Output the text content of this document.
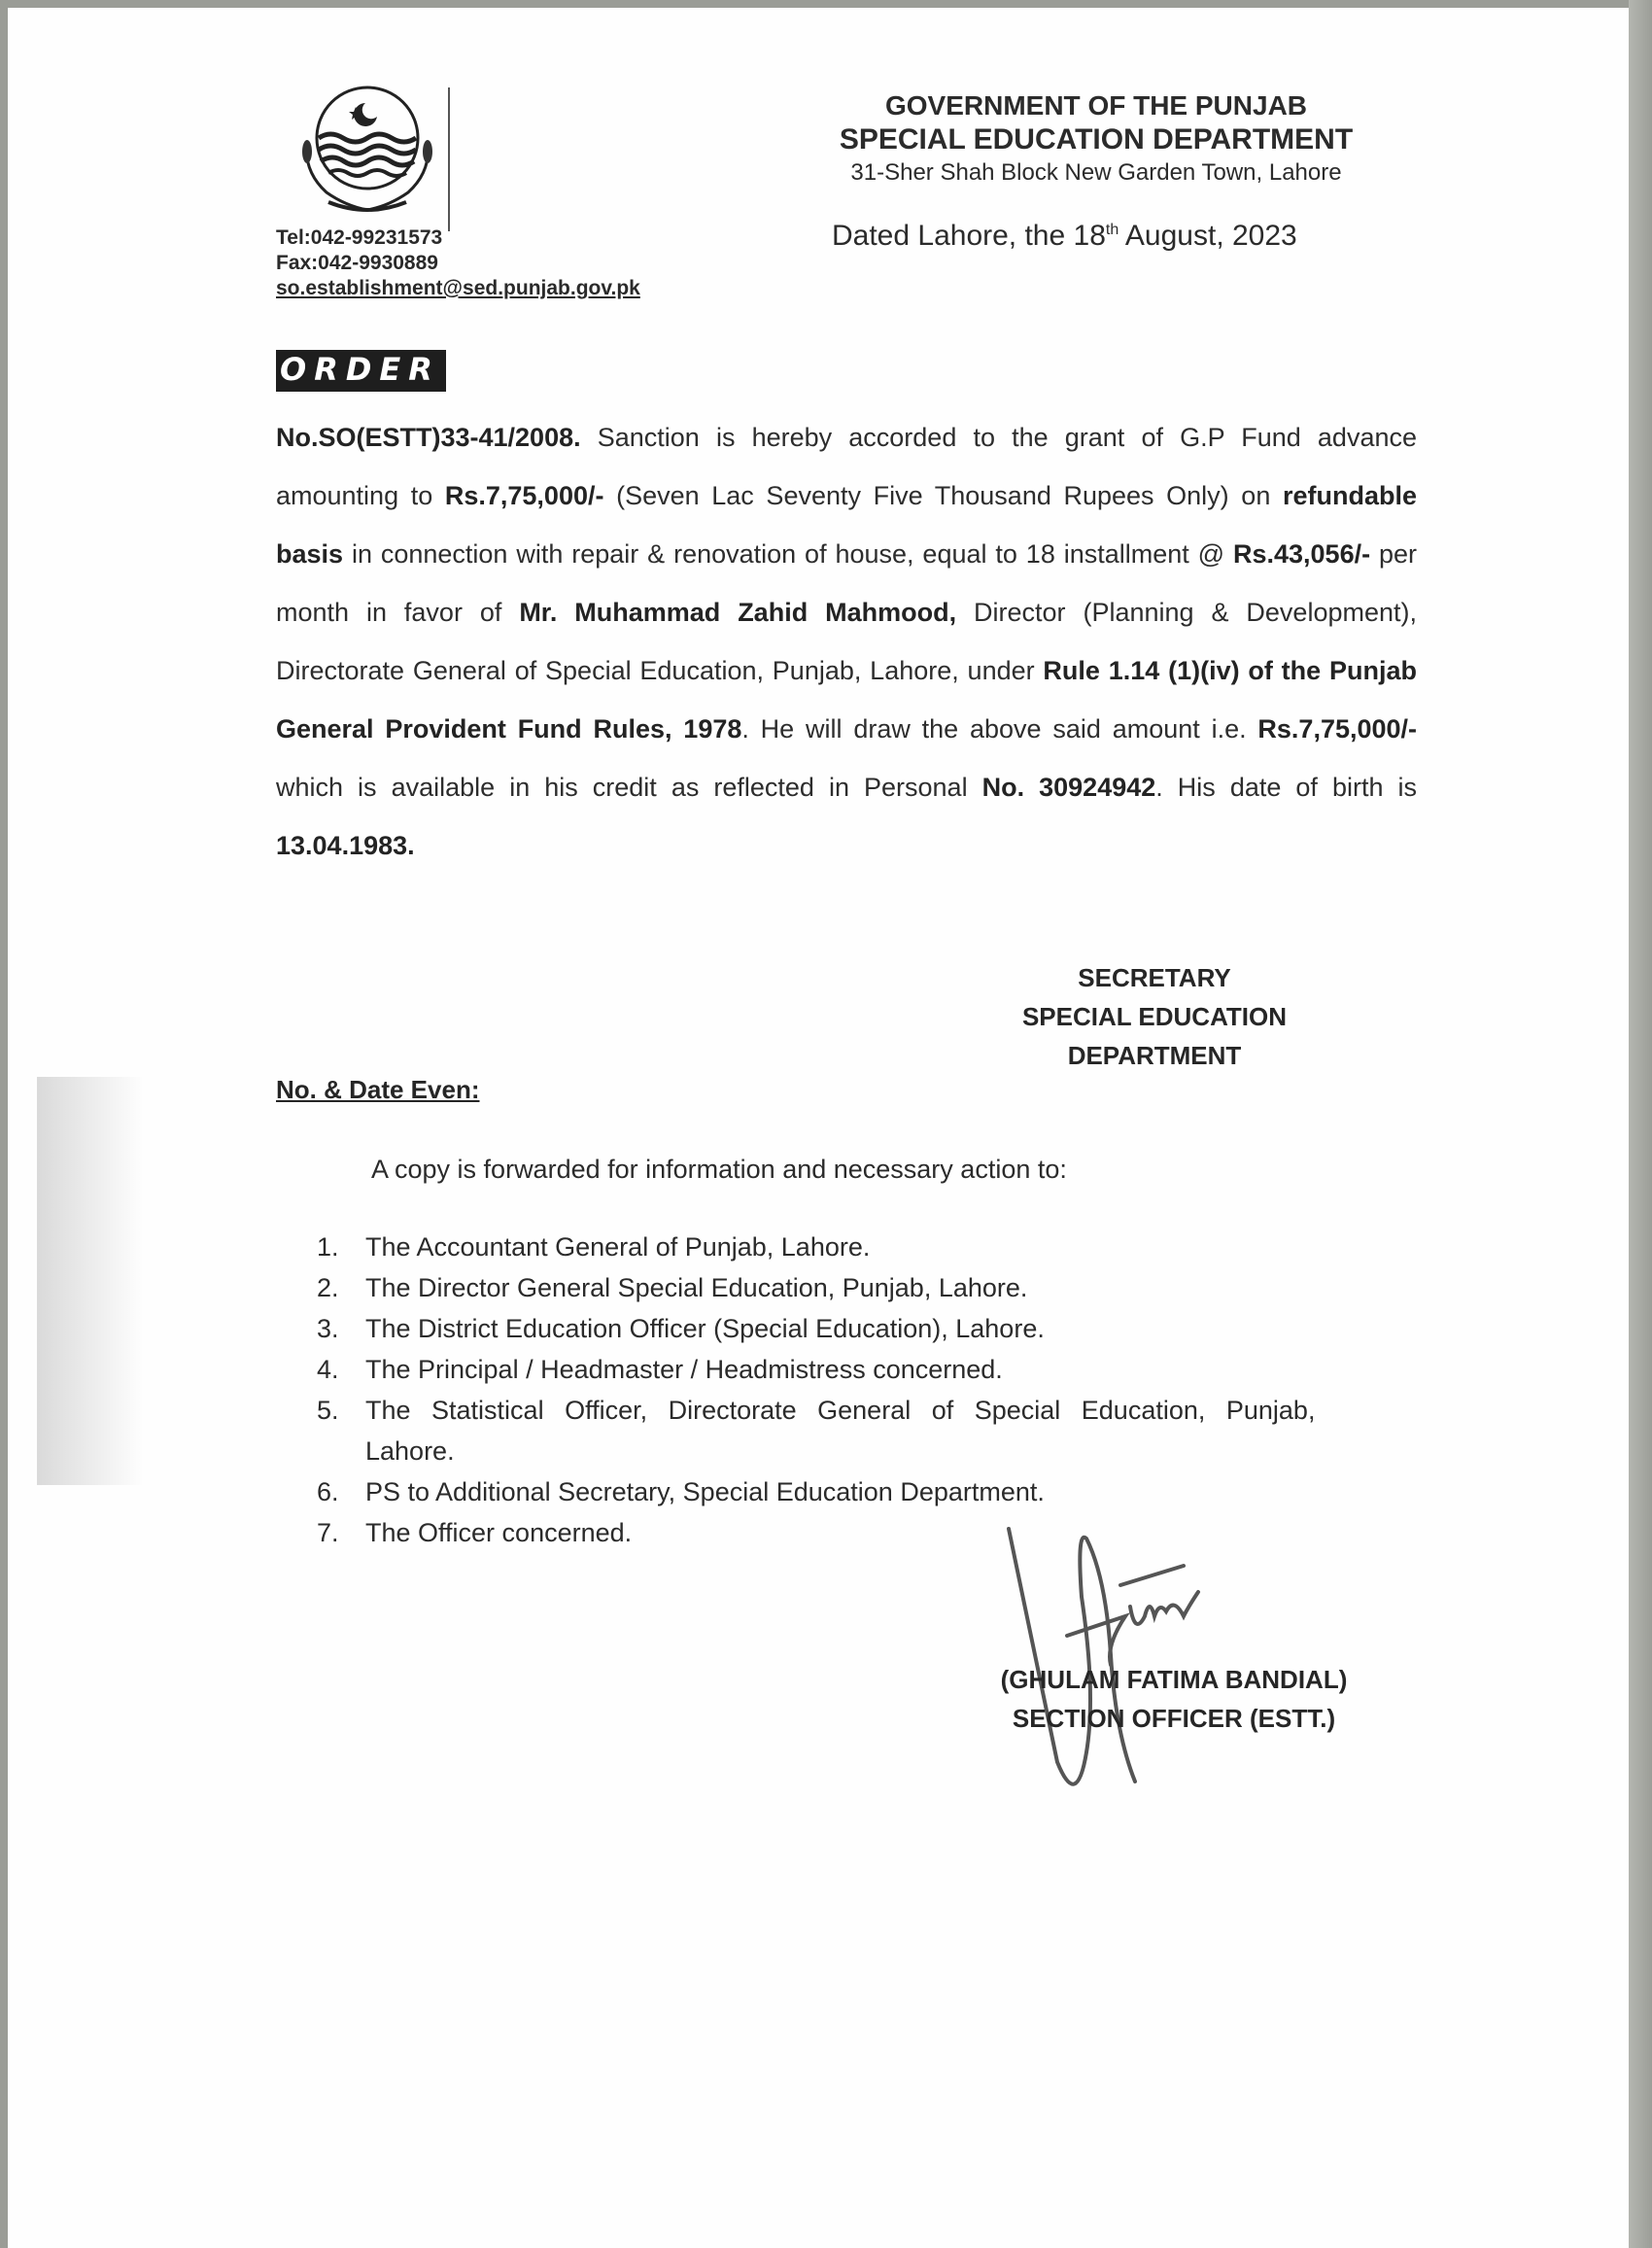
Tel:042-99231573
Fax:042-9930889
so.establishment@sed.punjab.gov.pk
GOVERNMENT OF THE PUNJAB
SPECIAL EDUCATION DEPARTMENT
31-Sher Shah Block New Garden Town, Lahore
Dated Lahore, the 18th August, 2023
ORDER
No.SO(ESTT)33-41/2008. Sanction is hereby accorded to the grant of G.P Fund advance amounting to Rs.7,75,000/- (Seven Lac Seventy Five Thousand Rupees Only) on refundable basis in connection with repair & renovation of house, equal to 18 installment @ Rs.43,056/- per month in favor of Mr. Muhammad Zahid Mahmood, Director (Planning & Development), Directorate General of Special Education, Punjab, Lahore, under Rule 1.14 (1)(iv) of the Punjab General Provident Fund Rules, 1978. He will draw the above said amount i.e. Rs.7,75,000/- which is available in his credit as reflected in Personal No. 30924942. His date of birth is 13.04.1983.
SECRETARY
SPECIAL EDUCATION
DEPARTMENT
No. & Date Even:
A copy is forwarded for information and necessary action to:
1.	The Accountant General of Punjab, Lahore.
2.	The Director General Special Education, Punjab, Lahore.
3.	The District Education Officer (Special Education), Lahore.
4.	The Principal / Headmaster / Headmistress concerned.
5.	The Statistical Officer, Directorate General of Special Education, Punjab,
Lahore.
6.	PS to Additional Secretary, Special Education Department.
7.	The Officer concerned.
(GHULAM FATIMA BANDIAL)
SECTION OFFICER (ESTT.)
